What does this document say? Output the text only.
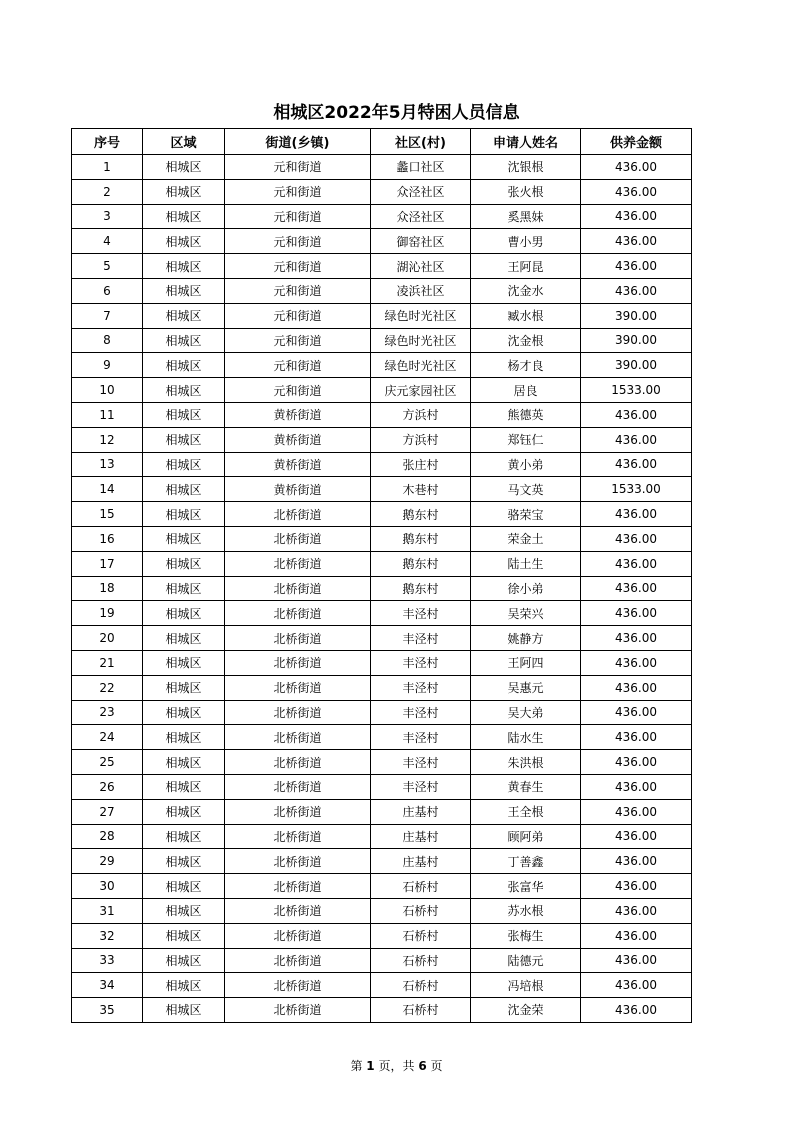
相城区2022年5月特困人员信息
序号	区域	街道(乡镇)	社区(村)	申请人姓名	供养金额
1	相城区	元和街道	蠡口社区	沈银根	436.00
2	相城区	元和街道	众泾社区	张火根	436.00
3	相城区	元和街道	众泾社区	奚黑妹	436.00
4	相城区	元和街道	御窑社区	曹小男	436.00
5	相城区	元和街道	湖沁社区	王阿昆	436.00
6	相城区	元和街道	凌浜社区	沈金水	436.00
7	相城区	元和街道	绿色时光社区	臧水根	390.00
8	相城区	元和街道	绿色时光社区	沈金根	390.00
9	相城区	元和街道	绿色时光社区	杨才良	390.00
10	相城区	元和街道	庆元家园社区	居良	1533.00
11	相城区	黄桥街道	方浜村	熊德英	436.00
12	相城区	黄桥街道	方浜村	郑钰仁	436.00
13	相城区	黄桥街道	张庄村	黄小弟	436.00
14	相城区	黄桥街道	木巷村	马文英	1533.00
15	相城区	北桥街道	鹅东村	骆荣宝	436.00
16	相城区	北桥街道	鹅东村	荣金土	436.00
17	相城区	北桥街道	鹅东村	陆土生	436.00
18	相城区	北桥街道	鹅东村	徐小弟	436.00
19	相城区	北桥街道	丰泾村	吴荣兴	436.00
20	相城区	北桥街道	丰泾村	姚静方	436.00
21	相城区	北桥街道	丰泾村	王阿四	436.00
22	相城区	北桥街道	丰泾村	吴惠元	436.00
23	相城区	北桥街道	丰泾村	吴大弟	436.00
24	相城区	北桥街道	丰泾村	陆水生	436.00
25	相城区	北桥街道	丰泾村	朱洪根	436.00
26	相城区	北桥街道	丰泾村	黄春生	436.00
27	相城区	北桥街道	庄基村	王全根	436.00
28	相城区	北桥街道	庄基村	顾阿弟	436.00
29	相城区	北桥街道	庄基村	丁善鑫	436.00
30	相城区	北桥街道	石桥村	张富华	436.00
31	相城区	北桥街道	石桥村	苏水根	436.00
32	相城区	北桥街道	石桥村	张梅生	436.00
33	相城区	北桥街道	石桥村	陆德元	436.00
34	相城区	北桥街道	石桥村	冯培根	436.00
35	相城区	北桥街道	石桥村	沈金荣	436.00
第 1 页，共 6 页
